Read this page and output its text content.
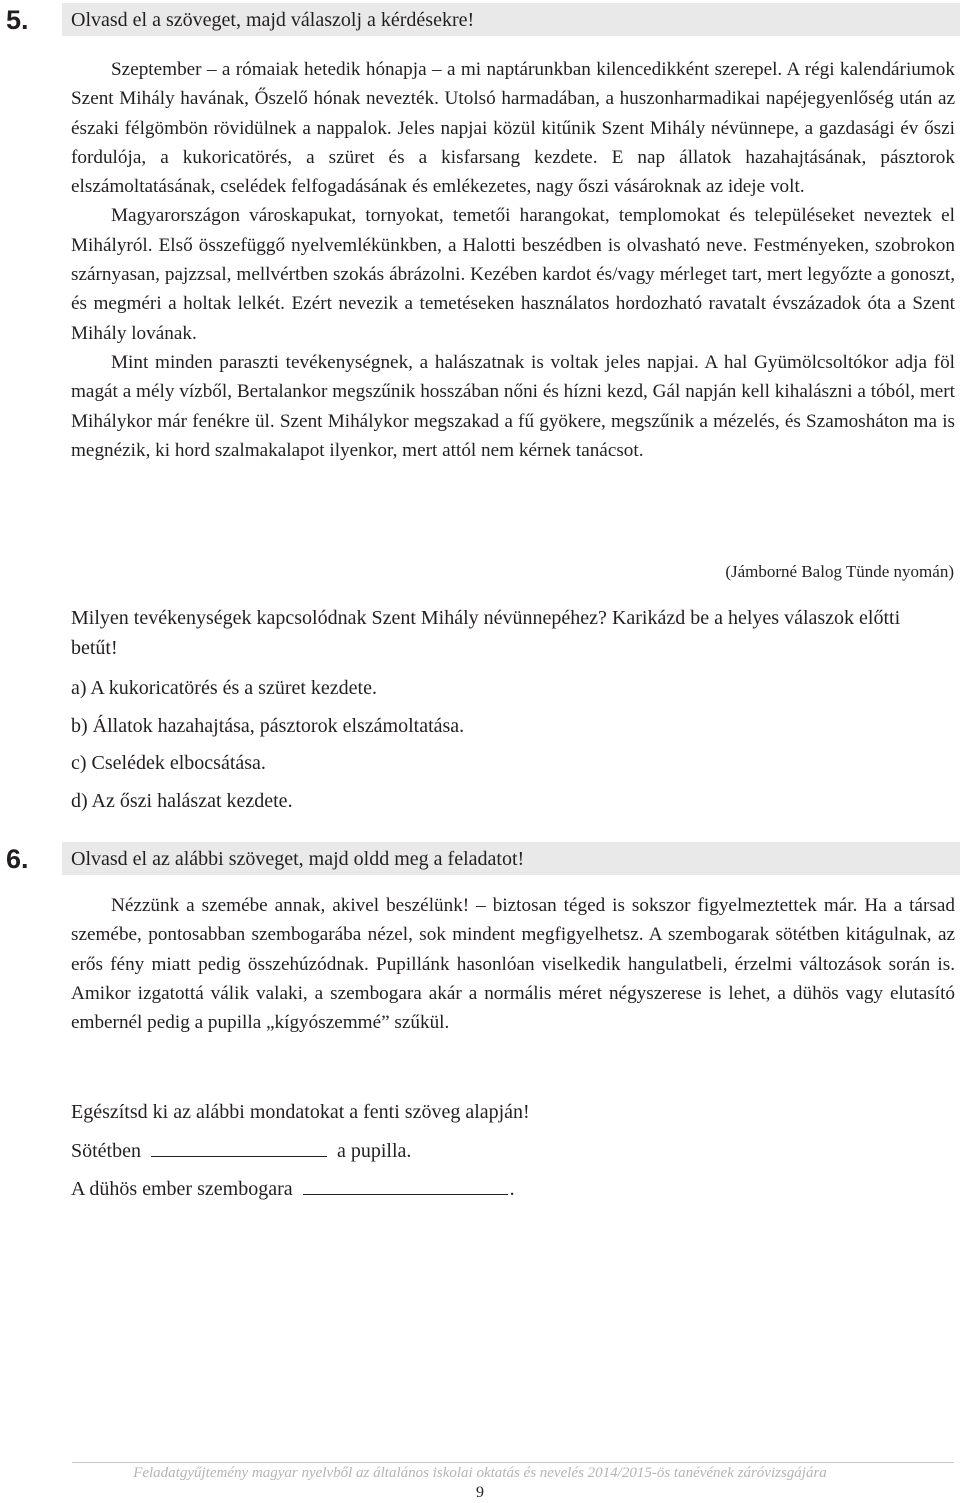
5. Olvasd el a szöveget, majd válaszolj a kérdésekre!

Szeptember – a rómaiak hetedik hónapja – a mi naptárunkban kilencedikként szerepel. A régi kalendáriumok Szent Mihály havának, Őszelő hónak nevezték. Utolsó harmadában, a huszonharmadikai napéjegyenlőség után az északi félgömbön rövidülnek a nappalok. Jeles napjai közül kitűnik Szent Mihály névünnepe, a gazdasági év őszi fordulója, a kukoricatörés, a szüret és a kisfarsang kezdete. E nap állatok hazahajtásának, pásztorok elszámoltatásának, cselédek felfogadásának és emlékezetes, nagy őszi vásároknak az ideje volt.

Magyarországon városkapukat, tornyokat, temetői harangokat, templomokat és településeket neveztek el Mihályról. Első összefüggő nyelvemlékünkben, a Halotti beszédben is olvasható neve. Festményeken, szobrokon szárnyasan, pajzzsal, mellvértben szokás ábrázolni. Kezében kardot és/vagy mérleget tart, mert legyőzte a gonoszt, és megméri a holtak lelkét. Ezért nevezik a temetéseken használatos hordozható ravatalt évszázadok óta a Szent Mihály lovának.

Mint minden paraszti tevékenységnek, a halászatnak is voltak jeles napjai. A hal Gyümölcsoltókor adja föl magát a mély vízből, Bertalankor megszűnik hosszában nőni és hízni kezd, Gál napján kell kihalászni a tóból, mert Mihálykor már fenékre ül. Szent Mihálykor megszakad a fű gyökere, megszűnik a mézelés, és Szamosháton ma is megnézik, ki hord szalmakalapot ilyenkor, mert attól nem kérnek tanácsot.

(Jámborné Balog Tünde nyomán)
Milyen tevékenységek kapcsolódnak Szent Mihály névünnepéhez? Karikázd be a helyes válaszok előtti betűt!
a) A kukoricatörés és a szüret kezdete.
b) Állatok hazahajtása, pásztorok elszámoltatása.
c) Cselédek elbocsátása.
d) Az őszi halászat kezdete.
6. Olvasd el az alábbi szöveget, majd oldd meg a feladatot!

Nézzünk a szemébe annak, akivel beszélünk! – biztosan téged is sokszor figyelmeztettek már. Ha a társad szemébe, pontosabban szembogarába nézel, sok mindent megfigyelhetsz. A szembogarak sötétben kitágulnak, az erős fény miatt pedig összehúzódnak. Pupillánk hasonlóan viselkedik hangulatbeli, érzelmi változások során is. Amikor izgatottá válik valaki, a szembogara akár a normális méret négyszerese is lehet, a dühös vagy elutasító embernél pedig a pupilla „kígyószemmé” szűkül.

Egészítsd ki az alábbi mondatokat a fenti szöveg alapján!
Sötétben	a pupilla.
A dühös ember szembogara	.
Feladatgyűjtemény magyar nyelvből az általános iskolai oktatás és nevelés 2014/2015-ös tanévének záróvizsgájára
9
